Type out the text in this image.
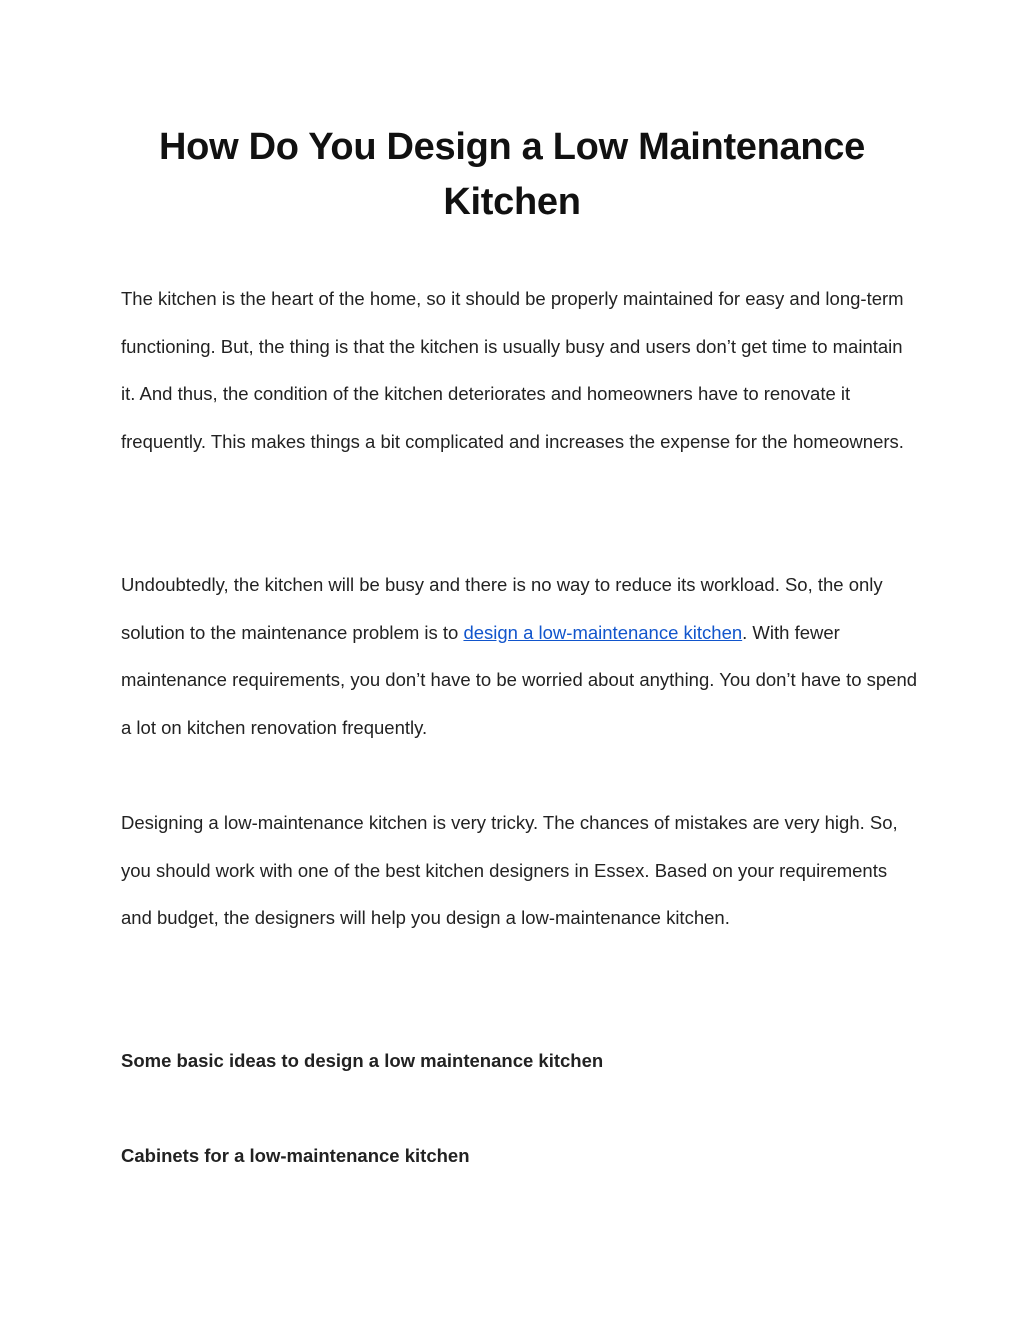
How Do You Design a Low Maintenance Kitchen

The kitchen is the heart of the home, so it should be properly maintained for easy and long-term functioning. But, the thing is that the kitchen is usually busy and users don’t get time to maintain it. And thus, the condition of the kitchen deteriorates and homeowners have to renovate it frequently. This makes things a bit complicated and increases the expense for the homeowners.

Undoubtedly, the kitchen will be busy and there is no way to reduce its workload. So, the only solution to the maintenance problem is to design a low-maintenance kitchen. With fewer maintenance requirements, you don’t have to be worried about anything. You don’t have to spend a lot on kitchen renovation frequently.

Designing a low-maintenance kitchen is very tricky. The chances of mistakes are very high. So, you should work with one of the best kitchen designers in Essex. Based on your requirements and budget, the designers will help you design a low-maintenance kitchen.

Some basic ideas to design a low maintenance kitchen
Cabinets for a low-maintenance kitchen
